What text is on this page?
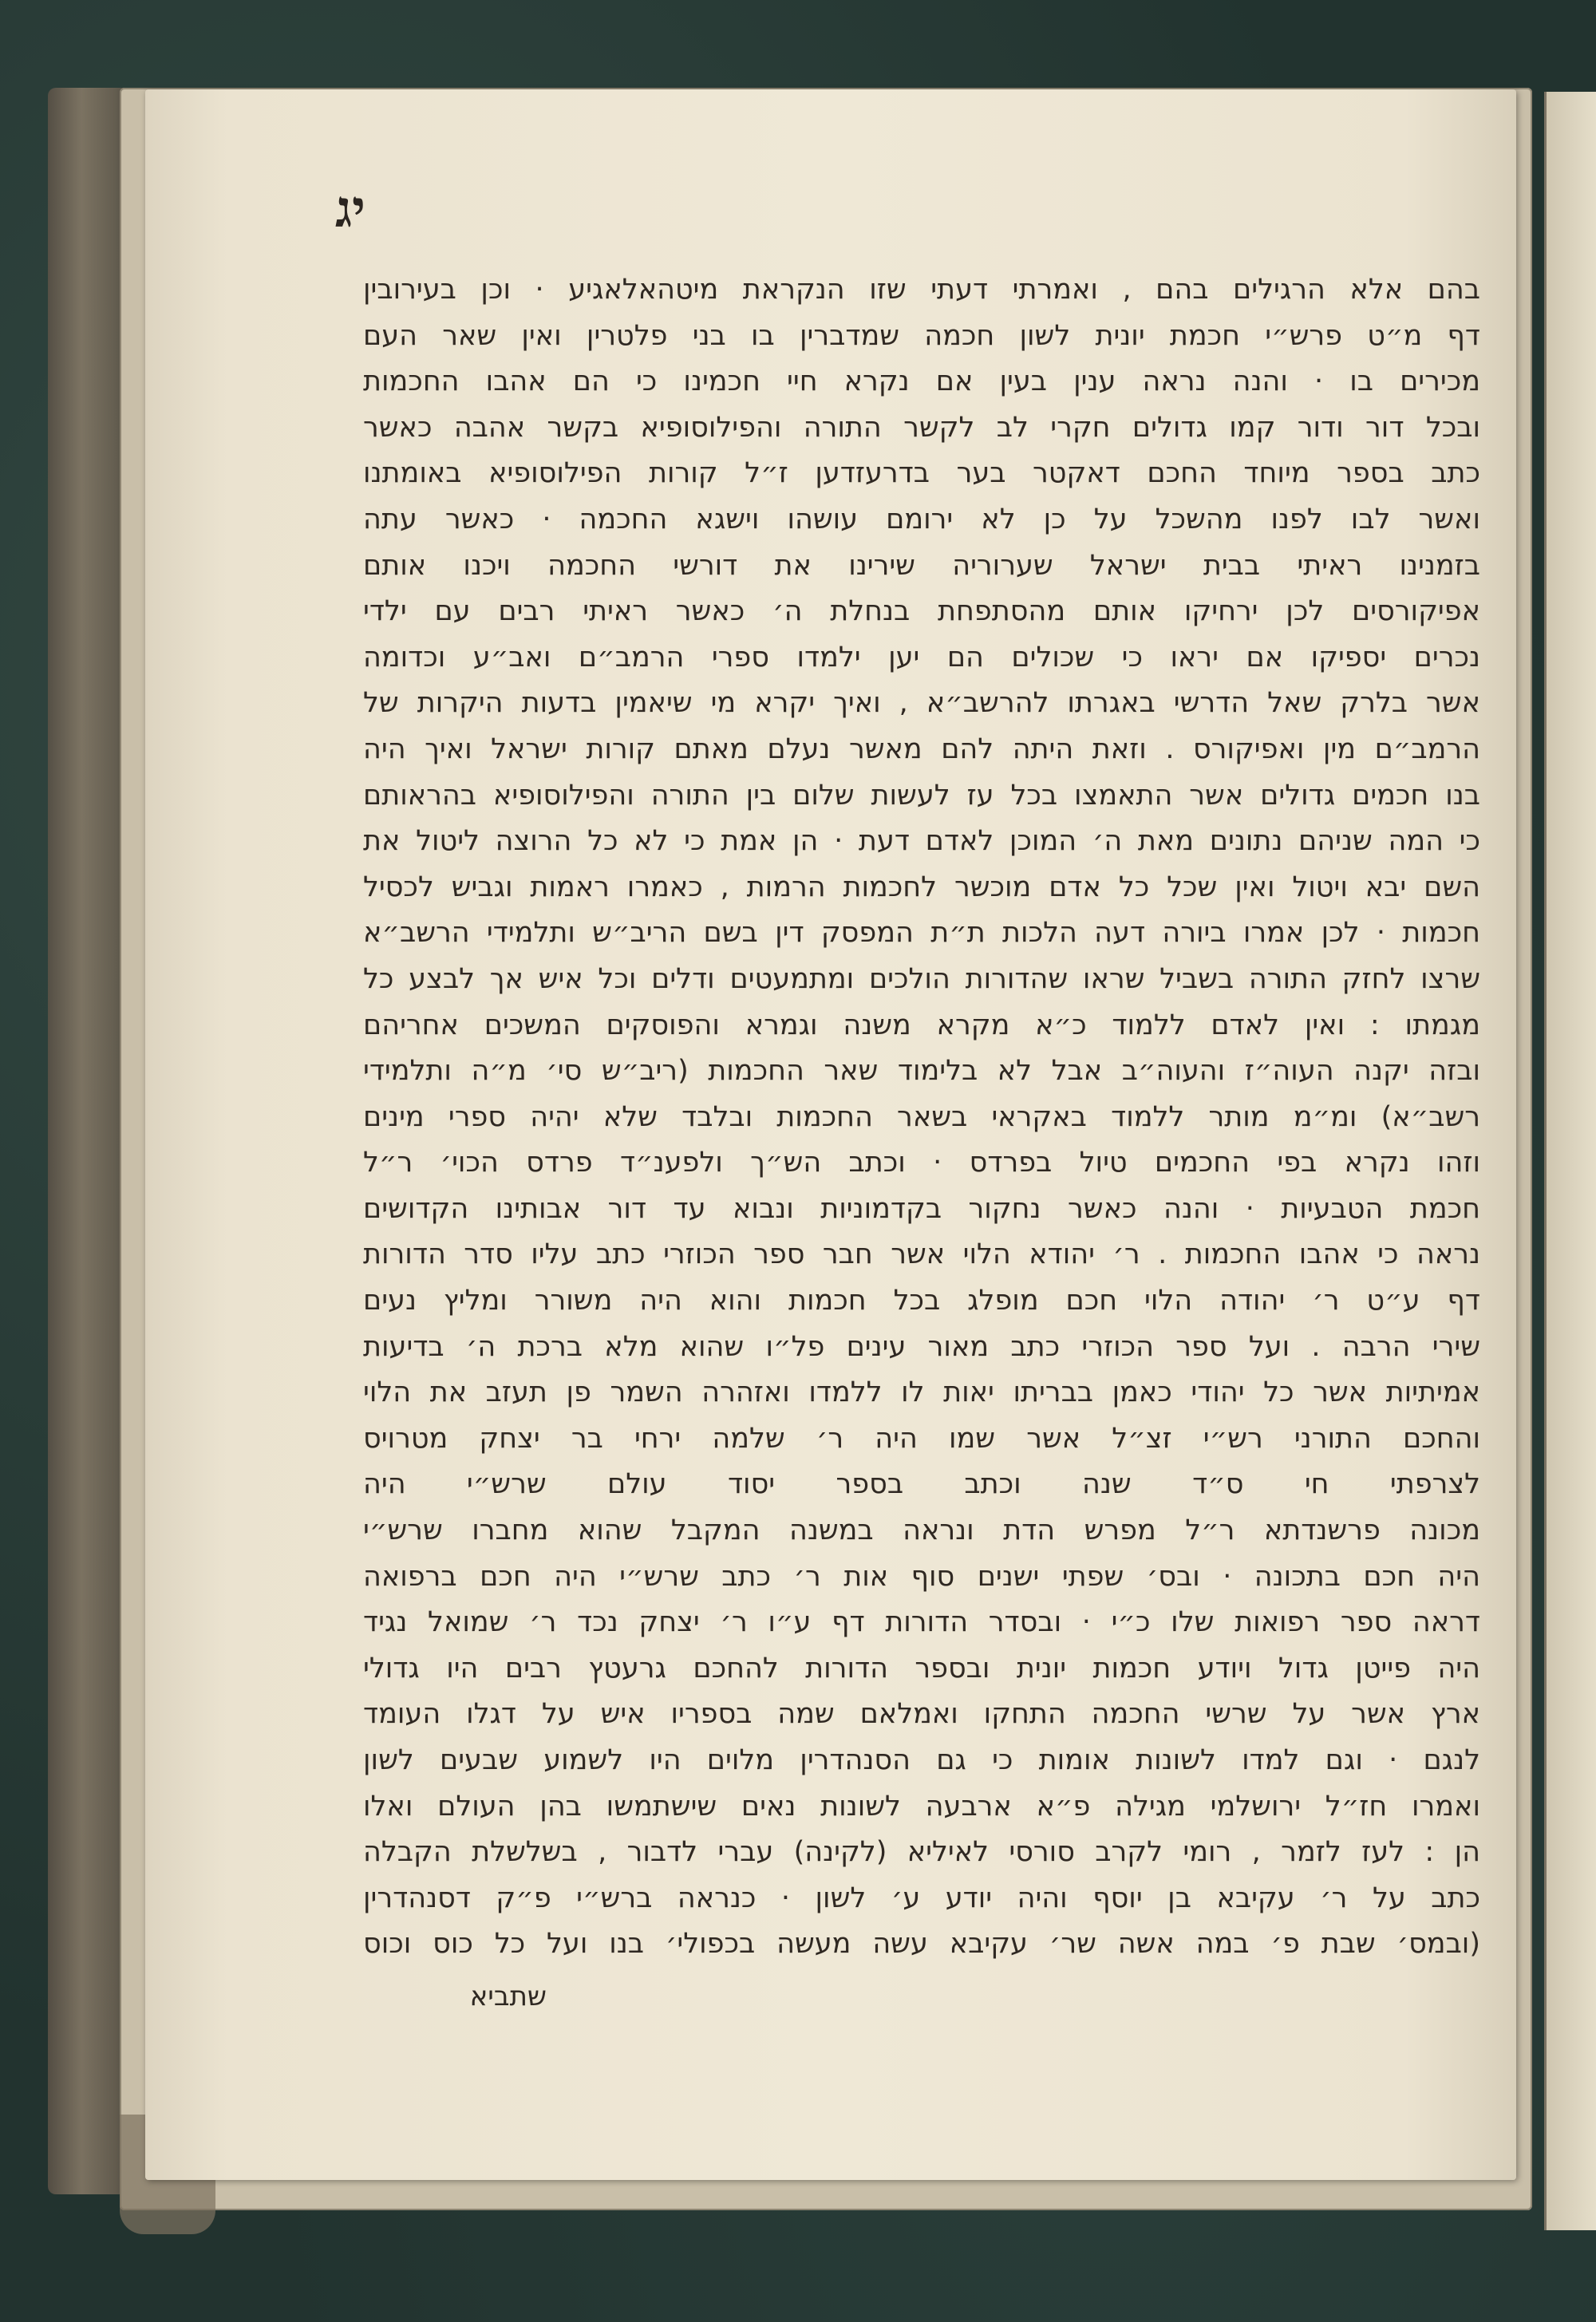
יג
בהם אלא הרגילים בהם , ואמרתי דעתי שזו הנקראת מיטהאלאגיע · וכן בעירובין
דף מ״ט פרש״י חכמת יונית לשון חכמה שמדברין בו בני פלטרין ואין שאר העם
מכירים בו · והנה נראה ענין בעין אם נקרא חיי חכמינו כי הם אהבו החכמות
ובכל דור ודור קמו גדולים חקרי לב לקשר התורה והפילוסופיא בקשר אהבה כאשר
כתב בספר מיוחד החכם דאקטר בער בדרעזדען ז״ל קורות הפילוסופיא באומתנו
ואשר לבו לפנו מהשכל על כן לא ירומם עושהו וישגא החכמה · כאשר עתה
בזמנינו ראיתי בבית ישראל שערוריה שירינו את דורשי החכמה ויכנו אותם
אפיקורסים לכן ירחיקו אותם מהסתפחת בנחלת ה׳ כאשר ראיתי רבים עם ילדי
נכרים יספיקו אם יראו כי שכולים הם יען ילמדו ספרי הרמב״ם ואב״ע וכדומה
אשר בלרק שאל הדרשי באגרתו להרשב״א , ואיך יקרא מי שיאמין בדעות היקרות של
הרמב״ם מין ואפיקורס . וזאת היתה להם מאשר נעלם מאתם קורות ישראל ואיך היה
בנו חכמים גדולים אשר התאמצו בכל עז לעשות שלום בין התורה והפילוסופיא בהראותם
כי המה שניהם נתונים מאת ה׳ המוכן לאדם דעת · הן אמת כי לא כל הרוצה ליטול את
השם יבא ויטול ואין שכל כל אדם מוכשר לחכמות הרמות , כאמרו ראמות וגביש לכסיל
חכמות · לכן אמרו ביורה דעה הלכות ת״ת המפסק דין בשם הריב״ש ותלמידי הרשב״א
שרצו לחזק התורה בשביל שראו שהדורות הולכים ומתמעטים ודלים וכל איש אך לבצע כל
מגמתו : ואין לאדם ללמוד כ״א מקרא משנה וגמרא והפוסקים המשכים אחריהם
ובזה יקנה העוה״ז והעוה״ב אבל לא בלימוד שאר החכמות (ריב״ש סי׳ מ״ה ותלמידי
רשב״א) ומ״מ מותר ללמוד באקראי בשאר החכמות ובלבד שלא יהיה ספרי מינים
וזהו נקרא בפי החכמים טיול בפרדס · וכתב הש״ך ולפענ״ד פרדס הכוי׳ ר״ל
חכמת הטבעיות · והנה כאשר נחקור בקדמוניות ונבוא עד דור אבותינו הקדושים
נראה כי אהבו החכמות . ר׳ יהודא הלוי אשר חבר ספר הכוזרי כתב עליו סדר הדורות
דף ע״ט ר׳ יהודה הלוי חכם מופלג בכל חכמות והוא היה משורר ומליץ נעים
שירי הרבה . ועל ספר הכוזרי כתב מאור עינים פל״ו שהוא מלא ברכת ה׳ בדיעות
אמיתיות אשר כל יהודי כאמן בבריתו יאות לו ללמדו ואזהרה השמר פן תעזב את הלוי
והחכם התורני רש״י זצ״ל אשר שמו היה ר׳ שלמה ירחי בר יצחק מטרויס
לצרפתי חי ס״ד שנה וכתב בספר יסוד עולם שרש״י היה
מכונה פרשנדתא ר״ל מפרש הדת ונראה במשנה המקבל שהוא מחברו שרש״י
היה חכם בתכונה · ובס׳ שפתי ישנים סוף אות ר׳ כתב שרש״י היה חכם ברפואה
דראה ספר רפואות שלו כ״י · ובסדר הדורות דף ע״ו ר׳ יצחק נכד ר׳ שמואל נגיד
היה פייטן גדול ויודע חכמות יונית ובספר הדורות להחכם גרעטץ רבים היו גדולי
ארץ אשר על שרשי החכמה התחקו ואמלאם שמה בספריו איש על דגלו העומד
לנגם · וגם למדו לשונות אומות כי גם הסנהדרין מלוים היו לשמוע שבעים לשון
ואמרו חז״ל ירושלמי מגילה פ״א ארבעה לשונות נאים שישתמשו בהן העולם ואלו
הן : לעז לזמר , רומי לקרב סורסי לאיליא (לקינה) עברי לדבור , בשלשלת הקבלה
כתב על ר׳ עקיבא בן יוסף והיה יודע ע׳ לשון · כנראה ברש״י פ״ק דסנהדרין
(ובמס׳ שבת פ׳ במה אשה שר׳ עקיבא עשה מעשה בכפולי׳ בנו ועל כל כוס וכוס
שתביא
